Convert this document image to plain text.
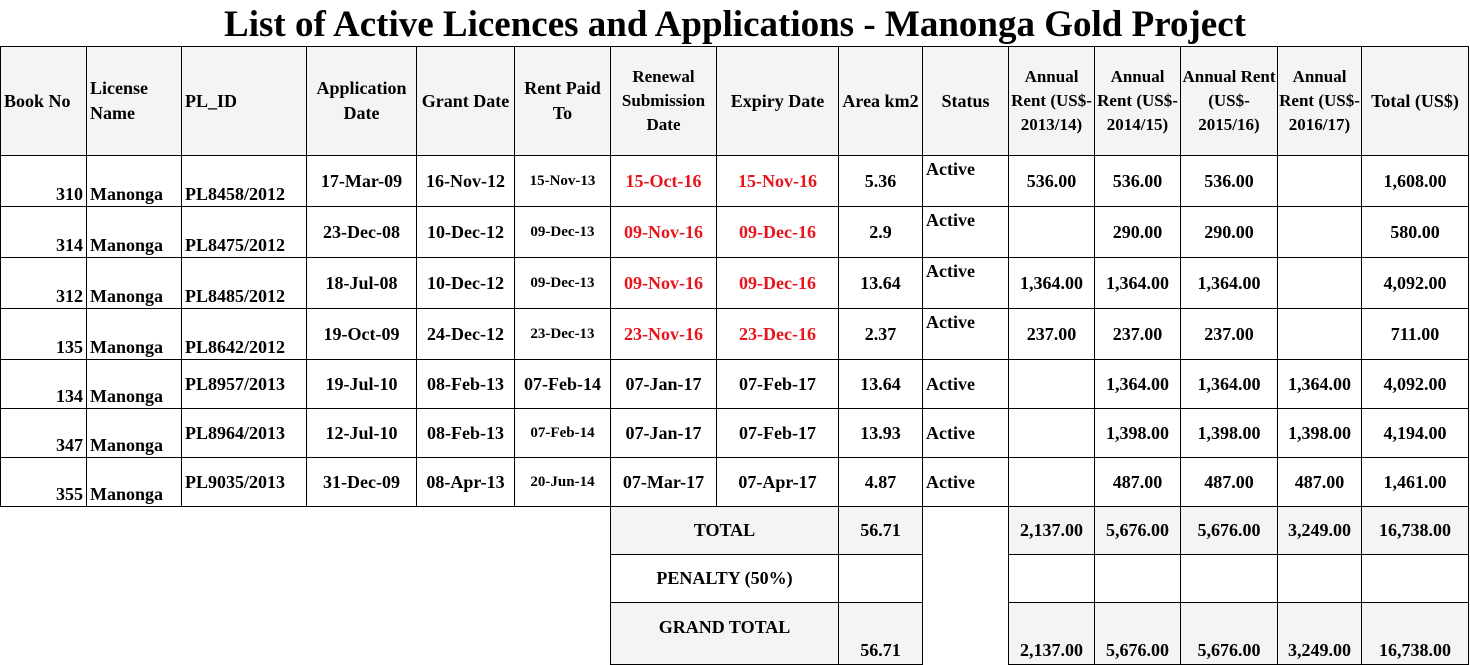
List of Active Licences and Applications - Manonga Gold Project
Book No	License Name	PL_ID	Application Date	Grant Date	Rent Paid To	Renewal Submission Date	Expiry Date	Area km2	Status	Annual Rent (US$- 2013/14)	Annual Rent (US$- 2014/15)	Annual Rent (US$- 2015/16)	Annual Rent (US$- 2016/17)	Total (US$)
310	Manonga	PL8458/2012	17-Mar-09	16-Nov-12	15-Nov-13	15-Oct-16	15-Nov-16	5.36	Active	536.00	536.00	536.00		1,608.00
314	Manonga	PL8475/2012	23-Dec-08	10-Dec-12	09-Dec-13	09-Nov-16	09-Dec-16	2.9	Active		290.00	290.00		580.00
312	Manonga	PL8485/2012	18-Jul-08	10-Dec-12	09-Dec-13	09-Nov-16	09-Dec-16	13.64	Active	1,364.00	1,364.00	1,364.00		4,092.00
135	Manonga	PL8642/2012	19-Oct-09	24-Dec-12	23-Dec-13	23-Nov-16	23-Dec-16	2.37	Active	237.00	237.00	237.00		711.00
134	Manonga	PL8957/2013	19-Jul-10	08-Feb-13	07-Feb-14	07-Jan-17	07-Feb-17	13.64	Active		1,364.00	1,364.00	1,364.00	4,092.00
347	Manonga	PL8964/2013	12-Jul-10	08-Feb-13	07-Feb-14	07-Jan-17	07-Feb-17	13.93	Active		1,398.00	1,398.00	1,398.00	4,194.00
355	Manonga	PL9035/2013	31-Dec-09	08-Apr-13	20-Jun-14	07-Mar-17	07-Apr-17	4.87	Active		487.00	487.00	487.00	1,461.00
						TOTAL		56.71		2,137.00	5,676.00	5,676.00	3,249.00	16,738.00
						PENALTY (50%)								
						GRAND TOTAL		56.71		2,137.00	5,676.00	5,676.00	3,249.00	16,738.00
